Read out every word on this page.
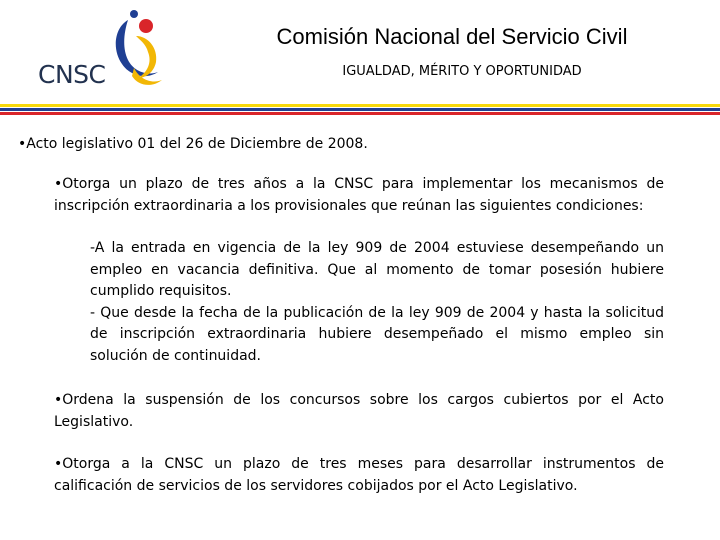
CNSC
Comisión Nacional del Servicio Civil
IGUALDAD, MÉRITO Y OPORTUNIDAD
•Acto legislativo 01 del 26 de Diciembre de 2008.
•Otorga un plazo de tres años a la CNSC para implementar los mecanismos de
inscripción extraordinaria a los provisionales que reúnan las siguientes condiciones:
-A la entrada en vigencia de la ley 909 de 2004 estuviese desempeñando un
empleo en vacancia definitiva. Que al momento de tomar posesión hubiere
cumplido requisitos.
- Que desde la fecha de la publicación de la ley 909 de 2004 y hasta la solicitud
de inscripción extraordinaria hubiere desempeñado el mismo empleo sin
solución de continuidad.
•Ordena la suspensión de los concursos sobre los cargos cubiertos por el Acto
Legislativo.
•Otorga a la CNSC un plazo de tres meses para desarrollar instrumentos de
calificación de servicios de los servidores cobijados por el Acto Legislativo.
